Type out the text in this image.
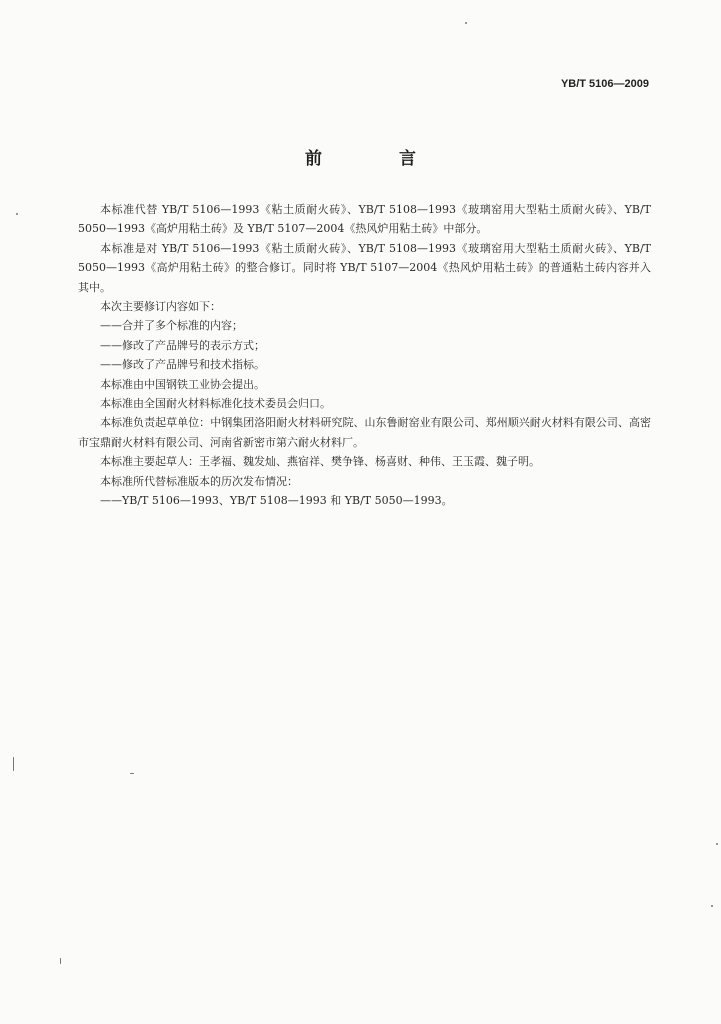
YB/T 5106—2009
前　言

本标准代替 YB/T 5106—1993《粘土质耐火砖》、YB/T 5108—1993《玻璃窑用大型粘土质耐火砖》、YB/T 5050—1993《高炉用粘土砖》及 YB/T 5107—2004《热风炉用粘土砖》中部分。

本标准是对 YB/T 5106—1993《粘土质耐火砖》、YB/T 5108—1993《玻璃窑用大型粘土质耐火砖》、YB/T 5050—1993《高炉用粘土砖》的整合修订。同时将 YB/T 5107—2004《热风炉用粘土砖》的普通粘土砖内容并入其中。

本次主要修订内容如下：

——合并了多个标准的内容；

——修改了产品牌号的表示方式；

——修改了产品牌号和技术指标。

本标准由中国钢铁工业协会提出。

本标准由全国耐火材料标准化技术委员会归口。

本标准负责起草单位：中钢集团洛阳耐火材料研究院、山东鲁耐窑业有限公司、郑州顺兴耐火材料有限公司、高密市宝鼎耐火材料有限公司、河南省新密市第六耐火材料厂。

本标准主要起草人：王孝福、魏发灿、燕宿祥、樊争锋、杨喜财、种伟、王玉霞、魏子明。

本标准所代替标准版本的历次发布情况：

——YB/T 5106—1993、YB/T 5108—1993 和 YB/T 5050—1993。
